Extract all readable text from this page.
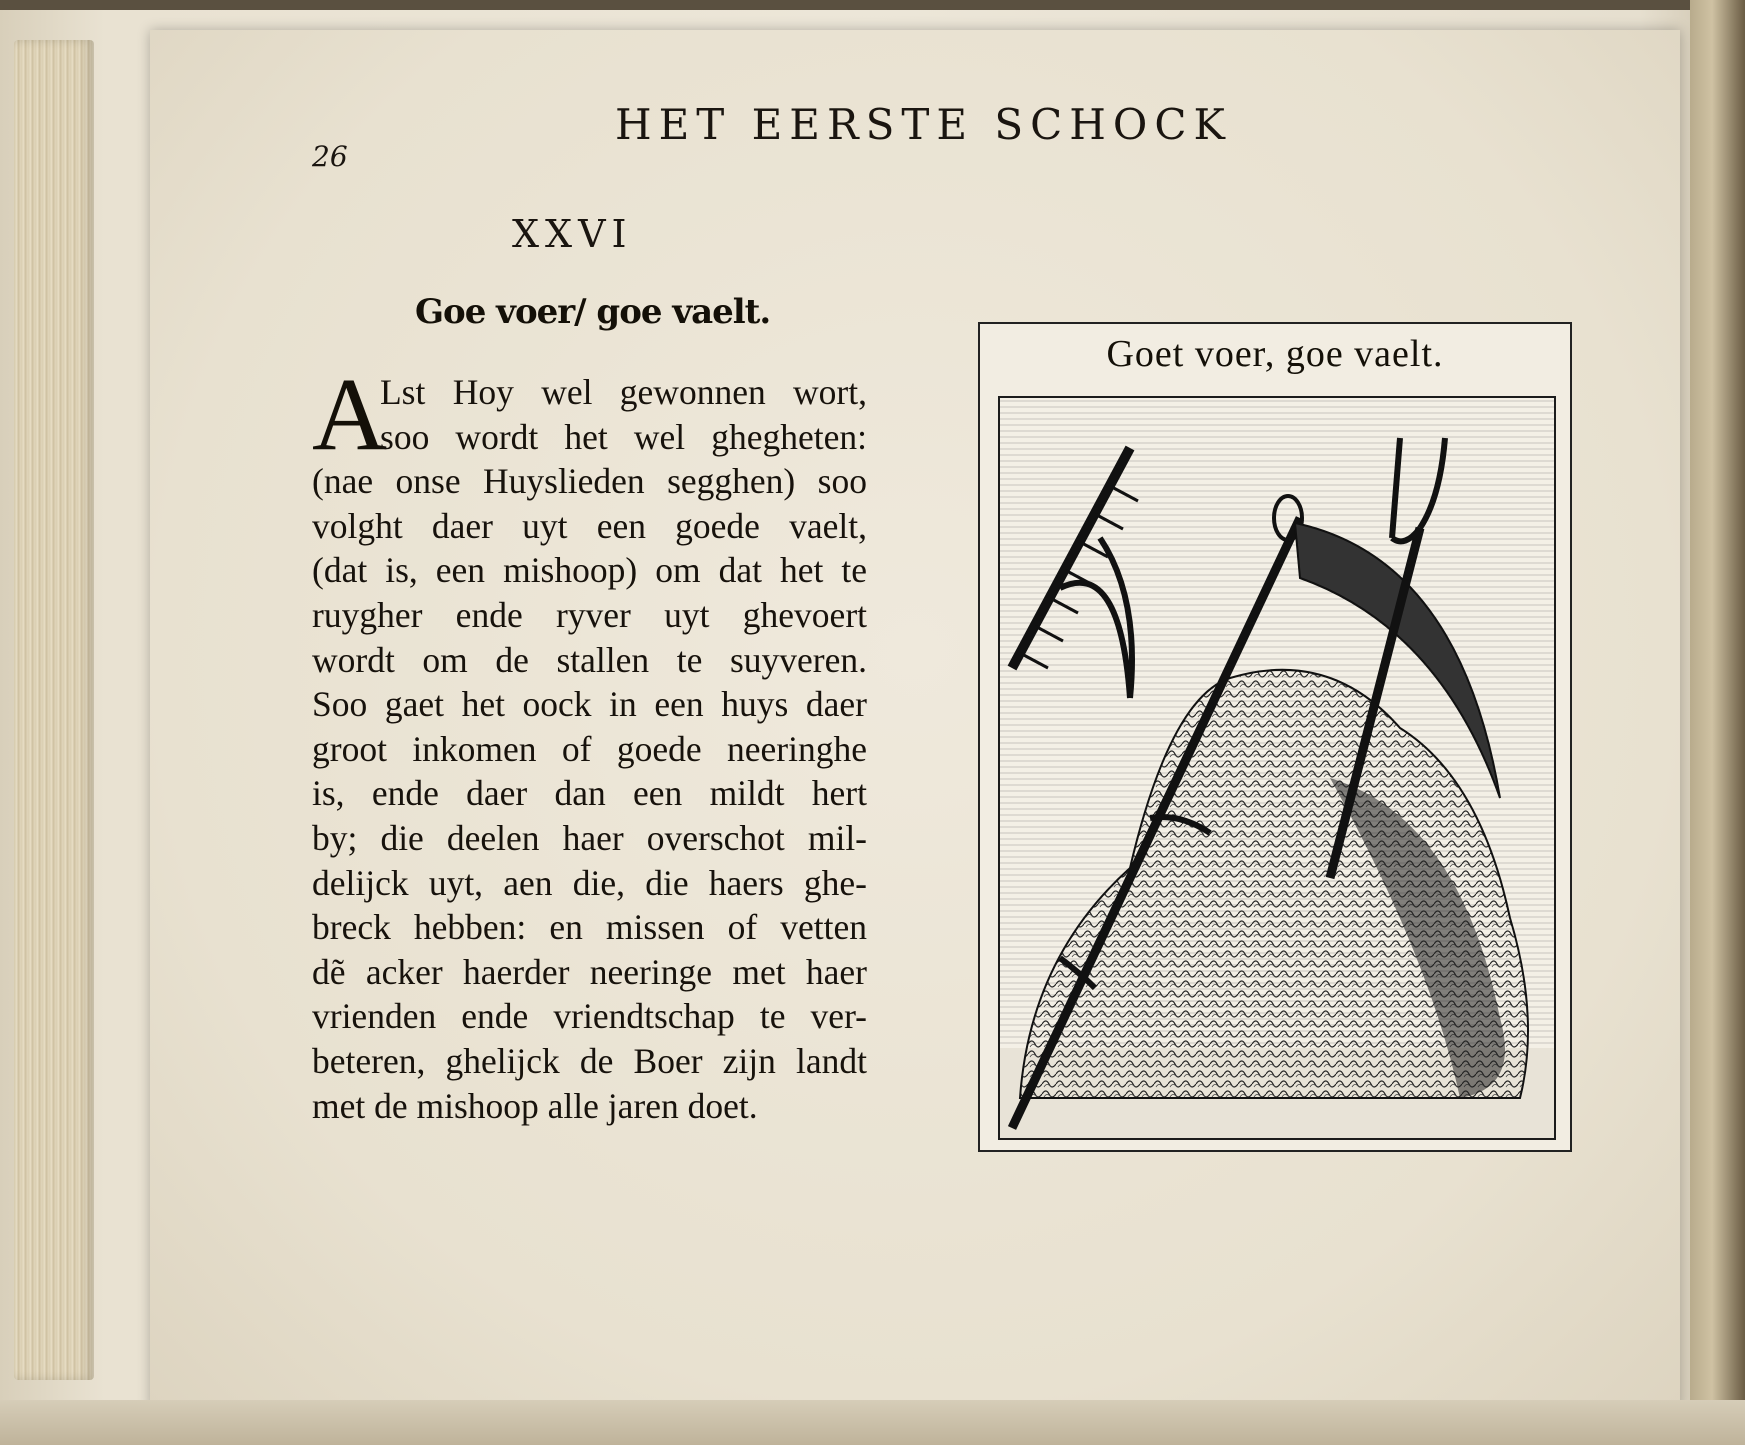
26
HET EERSTE SCHOCK
XXVI
Goe voer/ goe vaelt.
A
Lst Hoy wel gewonnen wort,
soo wordt het wel ghegheten:
(nae onse Huyslieden segghen) soo
volght daer uyt een goede vaelt,
(dat is, een mishoop) om dat het te
ruygher ende ryver uyt ghevoert
wordt om de stallen te suyveren.
Soo gaet het oock in een huys daer
groot inkomen of goede neeringhe
is, ende daer dan een mildt hert
by; die deelen haer overschot mil-
delijck uyt, aen die, die haers ghe-
breck hebben: en missen of vetten
dẽ acker haerder neeringe met haer
vrienden ende vriendtschap te ver-
beteren, ghelijck de Boer zijn landt
met de mishoop alle jaren doet.
Goet voer, goe vaelt.
